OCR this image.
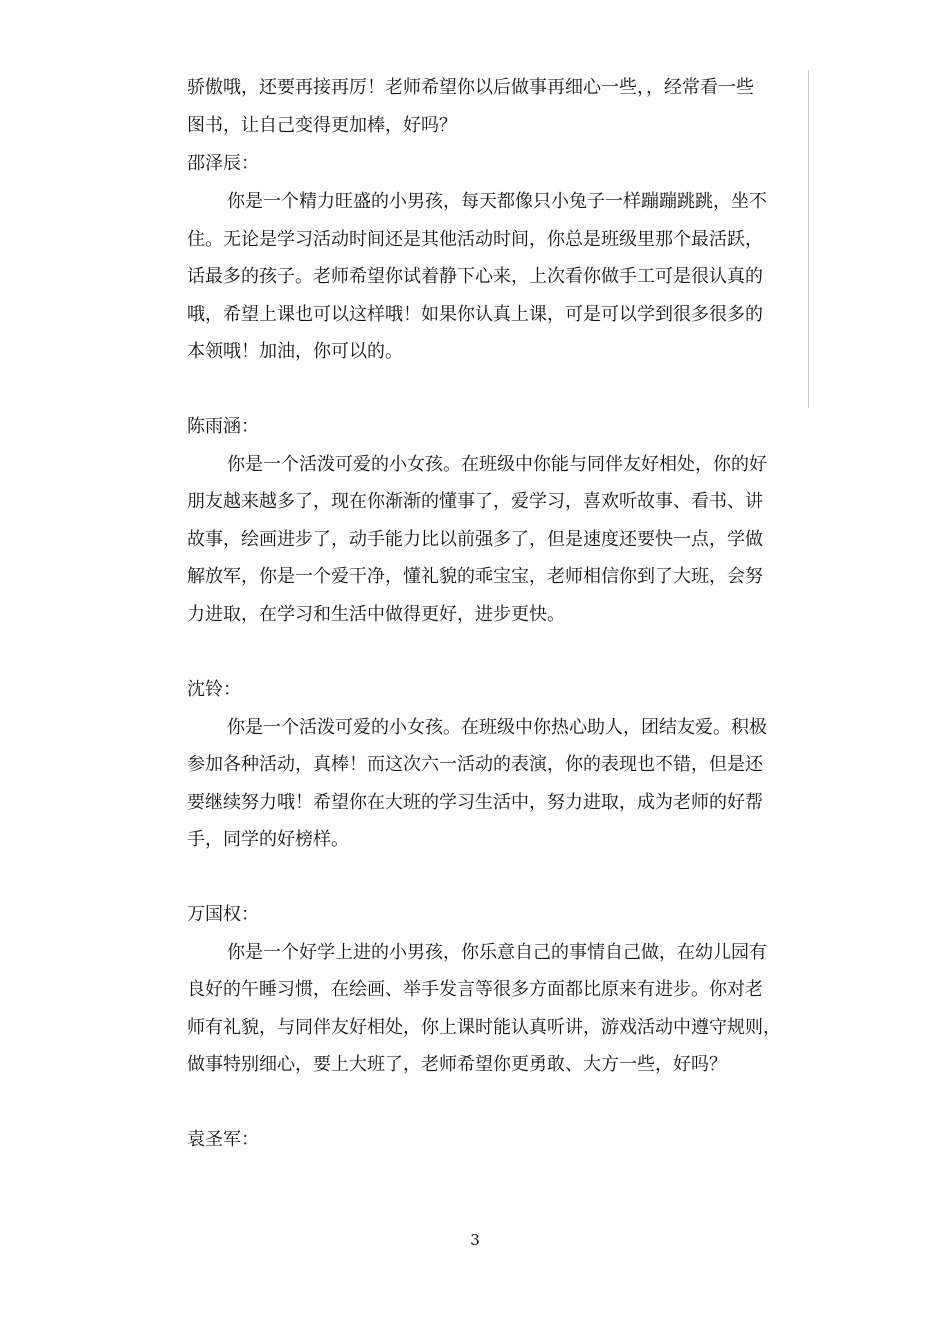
骄傲哦，还要再接再厉！老师希望你以后做事再细心一些，，经常看一些
图书，让自己变得更加棒，好吗？
邵泽辰：
你是一个精力旺盛的小男孩，每天都像只小兔子一样蹦蹦跳跳，坐不
住。无论是学习活动时间还是其他活动时间，你总是班级里那个最活跃，
话最多的孩子。老师希望你试着静下心来，上次看你做手工可是很认真的
哦，希望上课也可以这样哦！如果你认真上课，可是可以学到很多很多的
本领哦！加油，你可以的。
陈雨涵：
你是一个活泼可爱的小女孩。在班级中你能与同伴友好相处，你的好
朋友越来越多了，现在你渐渐的懂事了，爱学习，喜欢听故事、看书、讲
故事，绘画进步了，动手能力比以前强多了，但是速度还要快一点，学做
解放军，你是一个爱干净，懂礼貌的乖宝宝，老师相信你到了大班，会努
力进取，在学习和生活中做得更好，进步更快。
沈铃：
你是一个活泼可爱的小女孩。在班级中你热心助人，团结友爱。积极
参加各种活动，真棒！而这次六一活动的表演，你的表现也不错，但是还
要继续努力哦！希望你在大班的学习生活中，努力进取，成为老师的好帮
手，同学的好榜样。
万国权：
你是一个好学上进的小男孩，你乐意自己的事情自己做，在幼儿园有
良好的午睡习惯，在绘画、举手发言等很多方面都比原来有进步。你对老
师有礼貌，与同伴友好相处，你上课时能认真听讲，游戏活动中遵守规则，
做事特别细心，要上大班了，老师希望你更勇敢、大方一些，好吗？
袁圣军：
3
